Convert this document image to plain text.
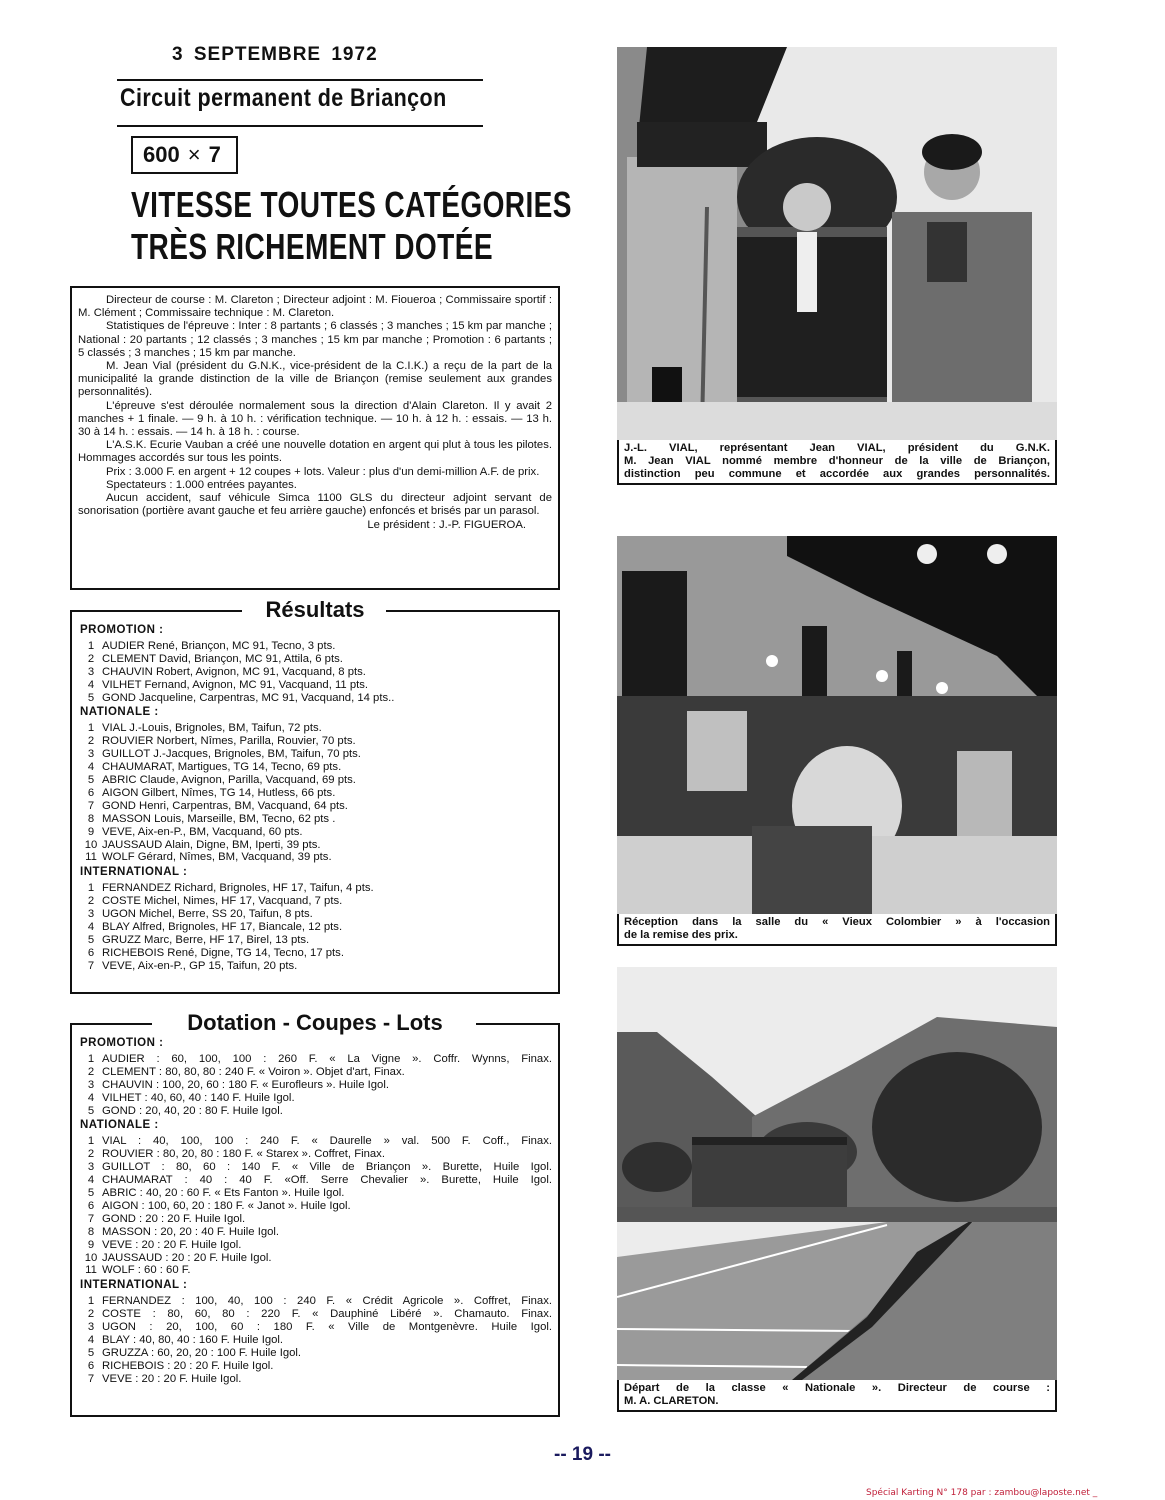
3 SEPTEMBRE 1972
Circuit permanent de Briançon
600 × 7
VITESSE TOUTES CATÉGORIES
TRÈS RICHEMENT DOTÉE

Directeur de course : M. Clareton ; Directeur adjoint : M. Fioueroa ; Commissaire sportif : M. Clément ; Commissaire technique : M. Clareton.

Statistiques de l'épreuve : Inter : 8 partants ; 6 classés ; 3 manches ; 15 km par manche ; National : 20 partants ; 12 classés ; 3 manches ; 15 km par manche ; Promotion : 6 partants ; 5 classés ; 3 manches ; 15 km par manche.

M. Jean Vial (président du G.N.K., vice-président de la C.I.K.) a reçu de la part de la municipalité la grande distinction de la ville de Briançon (remise seulement aux grandes personnalités).

L'épreuve s'est déroulée normalement sous la direction d'Alain Clareton. Il y avait 2 manches + 1 finale. — 9 h. à 10 h. : vérification technique. — 10 h. à 12 h. : essais. — 13 h. 30 à 14 h. : essais. — 14 h. à 18 h. : course.

L'A.S.K. Ecurie Vauban a créé une nouvelle dotation en argent qui plut à tous les pilotes. Hommages accordés sur tous les points.

Prix : 3.000 F. en argent + 12 coupes + lots. Valeur : plus d'un demi-million A.F. de prix.

Spectateurs : 1.000 entrées payantes.

Aucun accident, sauf véhicule Simca 1100 GLS du directeur adjoint servant de sonorisation (portière avant gauche et feu arrière gauche) enfoncés et brisés par un parasol.

Le président : J.-P. FIGUEROA.

Résultats
PROMOTION :
1 AUDIER René, Briançon, MC 91, Tecno, 3 pts.
2 CLEMENT David, Briançon, MC 91, Attila, 6 pts.
3 CHAUVIN Robert, Avignon, MC 91, Vacquand, 8 pts.
4 VILHET Fernand, Avignon, MC 91, Vacquand, 11 pts.
5 GOND Jacqueline, Carpentras, MC 91, Vacquand, 14 pts..
NATIONALE :
1 VIAL J.-Louis, Brignoles, BM, Taifun, 72 pts.
2 ROUVIER Norbert, Nîmes, Parilla, Rouvier, 70 pts.
3 GUILLOT J.-Jacques, Brignoles, BM, Taifun, 70 pts.
4 CHAUMARAT, Martigues, TG 14, Tecno, 69 pts.
5 ABRIC Claude, Avignon, Parilla, Vacquand, 69 pts.
6 AIGON Gilbert, Nîmes, TG 14, Hutless, 66 pts.
7 GOND Henri, Carpentras, BM, Vacquand, 64 pts.
8 MASSON Louis, Marseille, BM, Tecno, 62 pts .
9 VEVE, Aix-en-P., BM, Vacquand, 60 pts.
10 JAUSSAUD Alain, Digne, BM, Iperti, 39 pts.
11 WOLF Gérard, Nîmes, BM, Vacquand, 39 pts.
INTERNATIONAL :
1 FERNANDEZ Richard, Brignoles, HF 17, Taifun, 4 pts.
2 COSTE Michel, Nimes, HF 17, Vacquand, 7 pts.
3 UGON Michel, Berre, SS 20, Taifun, 8 pts.
4 BLAY Alfred, Brignoles, HF 17, Biancale, 12 pts.
5 GRUZZ Marc, Berre, HF 17, Birel, 13 pts.
6 RICHEBOIS René, Digne, TG 14, Tecno, 17 pts.
7 VEVE, Aix-en-P., GP 15, Taifun, 20 pts.
Dotation - Coupes - Lots
PROMOTION :
1 AUDIER : 60, 100, 100 : 260 F. « La Vigne ». Coffr. Wynns, Finax.
2 CLEMENT : 80, 80, 80 : 240 F. « Voiron ». Objet d'art, Finax.
3 CHAUVIN : 100, 20, 60 : 180 F. « Eurofleurs ». Huile Igol.
4 VILHET : 40, 60, 40 : 140 F. Huile Igol.
5 GOND : 20, 40, 20 : 80 F. Huile Igol.
NATIONALE :
1 VIAL : 40, 100, 100 : 240 F. « Daurelle » val. 500 F. Coff., Finax.
2 ROUVIER : 80, 20, 80 : 180 F. « Starex ». Coffret, Finax.
3 GUILLOT : 80, 60 : 140 F. « Ville de Briançon ». Burette, Huile Igol.
4 CHAUMARAT : 40 : 40 F. «Off. Serre Chevalier ». Burette, Huile Igol.
5 ABRIC : 40, 20 : 60 F. « Ets Fanton ». Huile Igol.
6 AIGON : 100, 60, 20 : 180 F. « Janot ». Huile Igol.
7 GOND : 20 : 20 F. Huile Igol.
8 MASSON : 20, 20 : 40 F. Huile Igol.
9 VEVE : 20 : 20 F. Huile Igol.
10 JAUSSAUD : 20 : 20 F. Huile Igol.
11 WOLF : 60 : 60 F.
INTERNATIONAL :
1 FERNANDEZ : 100, 40, 100 : 240 F. « Crédit Agricole ». Coffret, Finax.
2 COSTE : 80, 60, 80 : 220 F. « Dauphiné Libéré ». Chamauto. Finax.
3 UGON : 20, 100, 60 : 180 F. « Ville de Montgenèvre. Huile Igol.
4 BLAY : 40, 80, 40 : 160 F. Huile Igol.
5 GRUZZA : 60, 20, 20 : 100 F. Huile Igol.
6 RICHEBOIS : 20 : 20 F. Huile Igol.
7 VEVE : 20 : 20 F. Huile Igol.
J.-L. VIAL, représentant Jean VIAL, président du G.N.K.
M. Jean VIAL nommé membre d'honneur de la ville de Briançon,
distinction peu commune et accordée aux grandes personnalités.
Réception dans la salle du « Vieux Colombier » à l'occasion
de la remise des prix.
Départ de la classe « Nationale ». Directeur de course :
M. A. CLARETON.
-- 19 --
Spécial Karting N° 178 par : zambou@laposte.net _
